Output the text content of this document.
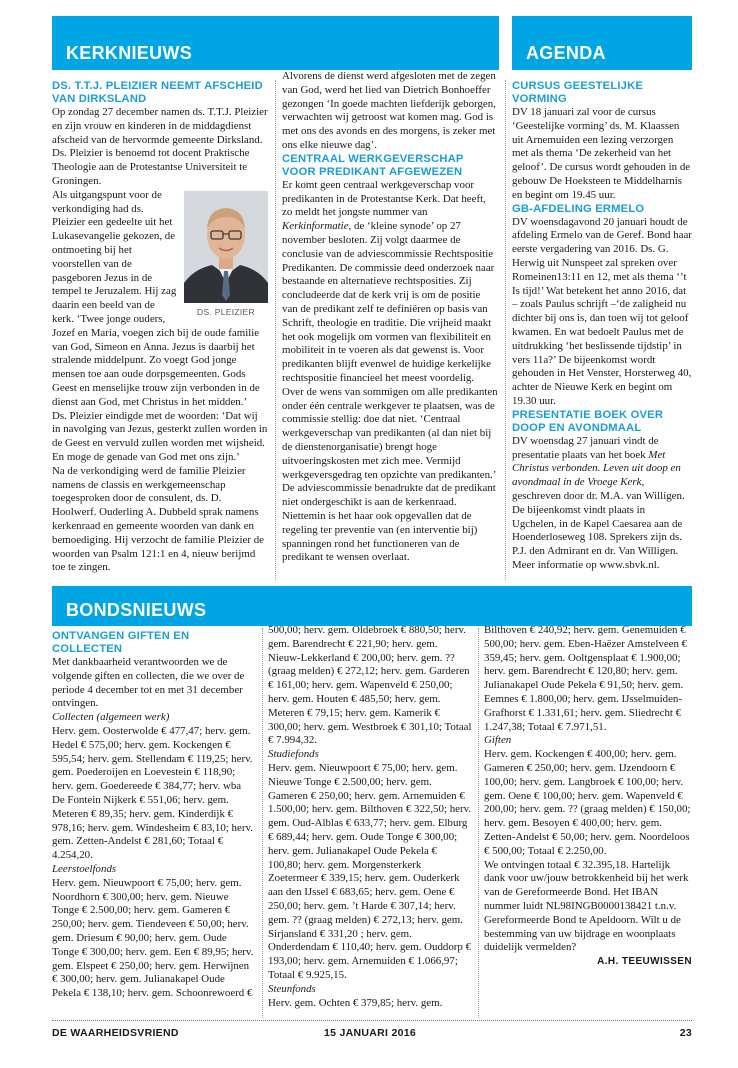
KERKNIEUWS	AGENDA
BONDSNIEUWS

DS. T.T.J. PLEIZIER NEEMT AFSCHEID VAN DIRKSLAND

Op zondag 27 december namen ds. T.T.J. Pleizier en zijn vrouw en kinderen in de middagdienst afscheid van de hervormde gemeente Dirksland. Ds. Pleizier is benoemd tot docent Praktische Theologie aan de Protestantse Universiteit te Groningen.

DS. PLEIZIER

Als uitgangspunt voor de verkondiging had ds. Pleizier een gedeelte uit het Lukasevangelie gekozen, de ontmoeting bij het voorstellen van de pasgeboren Jezus in de tempel te Jeruzalem. Hij zag daarin een beeld van de kerk. ‘Twee jonge ouders, Jozef en Maria, voegen zich bij de oude familie van God, Simeon en Anna. Jezus is daarbij het stralende middelpunt. Zo voegt God jonge mensen toe aan oude dorpsgemeenten. Gods Geest en menselijke trouw zijn verbonden in de dienst aan God, met Christus in het midden.’

Ds. Pleizier eindigde met de woorden: ‘Dat wij in navolging van Jezus, gesterkt zullen worden in de Geest en vervuld zullen worden met wijsheid. En moge de genade van God met ons zijn.’

Na de verkondiging werd de familie Pleizier namens de classis en werkgemeenschap toegesproken door de consulent, ds. D. Hoolwerf. Ouderling A. Dubbeld sprak namens kerkenraad en gemeente woorden van dank en bemoediging. Hij verzocht de familie Pleizier de woorden van Psalm 121:1 en 4, nieuw berijmd toe te zingen.

Alvorens de dienst werd afgesloten met de zegen van God, werd het lied van Dietrich Bonhoeffer gezongen ‘In goede machten liefderijk geborgen, verwachten wij getroost wat komen mag. God is met ons des avonds en des morgens, is zeker met ons elke nieuwe dag’.

CENTRAAL WERKGEVERSCHAP VOOR PREDIKANT AFGEWEZEN

Er komt geen centraal werkgeverschap voor predikanten in de Protestantse Kerk. Dat heeft, zo meldt het jongste nummer van Kerkinformatie, de ‘kleine synode’ op 27 november besloten. Zij volgt daarmee de conclusie van de adviescommissie Rechtspositie Predikanten. De commissie deed onderzoek naar bestaande en alternatieve rechtsposities. Zij concludeerde dat de kerk vrij is om de positie van de predikant zelf te definiëren op basis van Schrift, theologie en traditie. Die vrijheid maakt het ook mogelijk om vormen van flexibiliteit en mobiliteit in te voeren als dat gewenst is. Voor predikanten blijft evenwel de huidige kerkelijke rechtspositie financieel het meest voordelig.

Over de wens van sommigen om alle predikanten onder één centrale werkgever te plaatsen, was de commissie stellig: doe dat niet. ‘Centraal werkgeverschap van predikanten (al dan niet bij de dienstenorganisatie) brengt hoge uitvoeringskosten met zich mee. Vermijd werkgeversgedrag ten opzichte van predikanten.’ De adviescommissie benadrukte dat de predikant niet ondergeschikt is aan de kerkenraad. Niettemin is het haar ook opgevallen dat de regeling ter preventie van (en interventie bij) spanningen rond het functioneren van de predikant te wensen overlaat.

CURSUS GEESTELIJKE VORMING

DV 18 januari zal voor de cursus ‘Geestelijke vorming’ ds. M. Klaassen uit Arnemuiden een lezing verzorgen met als thema ‘De zekerheid van het geloof’. De cursus wordt gehouden in de gebouw De Hoeksteen te Middelharnis en begint om 19.45 uur.

GB-AFDELING ERMELO

DV woensdagavond 20 januari houdt de afdeling Ermelo van de Geref. Bond haar eerste vergadering van 2016. Ds. G. Herwig uit Nunspeet zal spreken over Romeinen13:11 en 12, met als thema ‘’t Is tijd!’ Wat betekent het anno 2016, dat – zoals Paulus schrijft –‘de zaligheid nu dichter bij ons is, dan toen wij tot geloof kwamen. En wat bedoelt Paulus met de uitdrukking ‘het beslissende tijdstip’ in vers 11a?’ De bijeenkomst wordt gehouden in Het Venster, Horsterweg 40, achter de Nieuwe Kerk en begint om 19.30 uur.

PRESENTATIE BOEK OVER DOOP EN AVONDMAAL

DV woensdag 27 januari vindt de presentatie plaats van het boek Met Christus verbonden. Leven uit doop en avondmaal in de Vroege Kerk, geschreven door dr. M.A. van Willigen. De bijeenkomst vindt plaats in Ugchelen, in de Kapel Caesarea aan de Hoenderloseweg 108. Sprekers zijn ds. P.J. den Admirant en dr. Van Willigen. Meer informatie op www.sbvk.nl.

ONTVANGEN GIFTEN EN COLLECTEN

Met dankbaarheid verantwoorden we de volgende giften en collecten, die we over de periode 4 december tot en met 31 december ontvingen.

Collecten (algemeen werk)

Herv. gem. Oosterwolde € 477,47; herv. gem. Hedel € 575,00; herv. gem. Kockengen € 595,54; herv. gem. Stellendam € 119,25; herv. gem. Poederoijen en Loevestein € 118,90; herv. gem. Goedereede € 384,77; herv. wba De Fontein Nijkerk € 551,06; herv. gem. Meteren € 89,35; herv. gem. Kinderdijk € 978,16; herv. gem. Windesheim € 83,10; herv. gem. Zetten-Andelst € 281,60; Totaal € 4.254,20.

Leerstoelfonds

Herv. gem. Nieuwpoort € 75,00; herv. gem. Noordhorn € 300,00; herv. gem. Nieuwe Tonge € 2.500,00; herv. gem. Gameren € 250,00; herv. gem. Tiendeveen € 50,00; herv. gem. Driesum € 90,00; herv. gem. Oude Tonge € 300,00; herv. gem. Een € 89,95; herv. gem. Elspeet € 250,00; herv. gem. Herwijnen € 300,00; herv. gem. Julianakapel Oude Pekela € 138,10; herv. gem. Schoonrewoerd €

500,00; herv. gem. Oldebroek € 880,50; herv. gem. Barendrecht € 221,90; herv. gem. Nieuw-Lekkerland € 200,00; herv. gem. ?? (graag melden) € 272,12; herv. gem. Garderen € 161,00; herv. gem. Wapenveld € 250,00; herv. gem. Houten € 485,50; herv. gem. Meteren € 79,15; herv. gem. Kamerik € 300,00; herv. gem. Westbroek € 301,10; Totaal € 7.994,32.

Studiefonds

Herv. gem. Nieuwpoort € 75,00; herv. gem. Nieuwe Tonge € 2.500,00; herv. gem. Gameren € 250,00; herv. gem. Arnemuiden € 1.500,00; herv. gem. Bilthoven € 322,50; herv. gem. Oud-Alblas € 633,77; herv. gem. Elburg € 689,44; herv. gem. Oude Tonge € 300,00; herv. gem. Julianakapel Oude Pekela € 100,80; herv. gem. Morgensterkerk Zoetermeer € 339,15; herv. gem. Ouderkerk aan den IJssel € 683,65; herv. gem. Oene € 250,00; herv. gem. ’t Harde € 307,14; herv. gem. ?? (graag melden) € 272,13; herv. gem. Sirjansland € 331,20 ; herv. gem. Onderdendam € 110,40; herv. gem. Ouddorp € 193,00; herv. gem. Arnemuiden € 1.066,97; Totaal € 9.925,15.

Steunfonds

Herv. gem. Ochten € 379,85; herv. gem.

Bilthoven € 240,92; herv. gem. Genemuiden € 500,00; herv. gem. Eben-Haëzer Amstelveen € 359,45; herv. gem. Ooltgensplaat € 1.900,00; herv. gem. Barendrecht € 120,80; herv. gem. Julianakapel Oude Pekela € 91,50; herv. gem. Eemnes € 1.800,00; herv. gem. IJsselmuiden-Grafhorst € 1.331,61; herv. gem. Sliedrecht € 1.247,38; Totaal € 7.971,51.

Giften

Herv. gem. Kockengen € 400,00; herv. gem. Gameren € 250,00; herv. gem. IJzendoorn € 100,00; herv. gem. Langbroek € 100,00; herv. gem. Oene € 100,00; herv. gem. Wapenveld € 200,00; herv. gem. ?? (graag melden) € 150,00; herv. gem. Besoyen € 400,00; herv. gem. Zetten-Andelst € 50,00; herv. gem. Noordeloos € 500,00; Totaal € 2.250,00.

We ontvingen totaal € 32.395,18. Hartelijk dank voor uw/jouw betrokkenheid bij het werk van de Gereformeerde Bond. Het IBAN nummer luidt NL98INGB0000138421 t.n.v. Gereformeerde Bond te Apeldoorn. Wilt u de bestemming van uw bijdrage en woonplaats duidelijk vermelden?

A.H. TEEUWISSEN

DE WAARHEIDSVRIEND	15 JANUARI 2016	23
